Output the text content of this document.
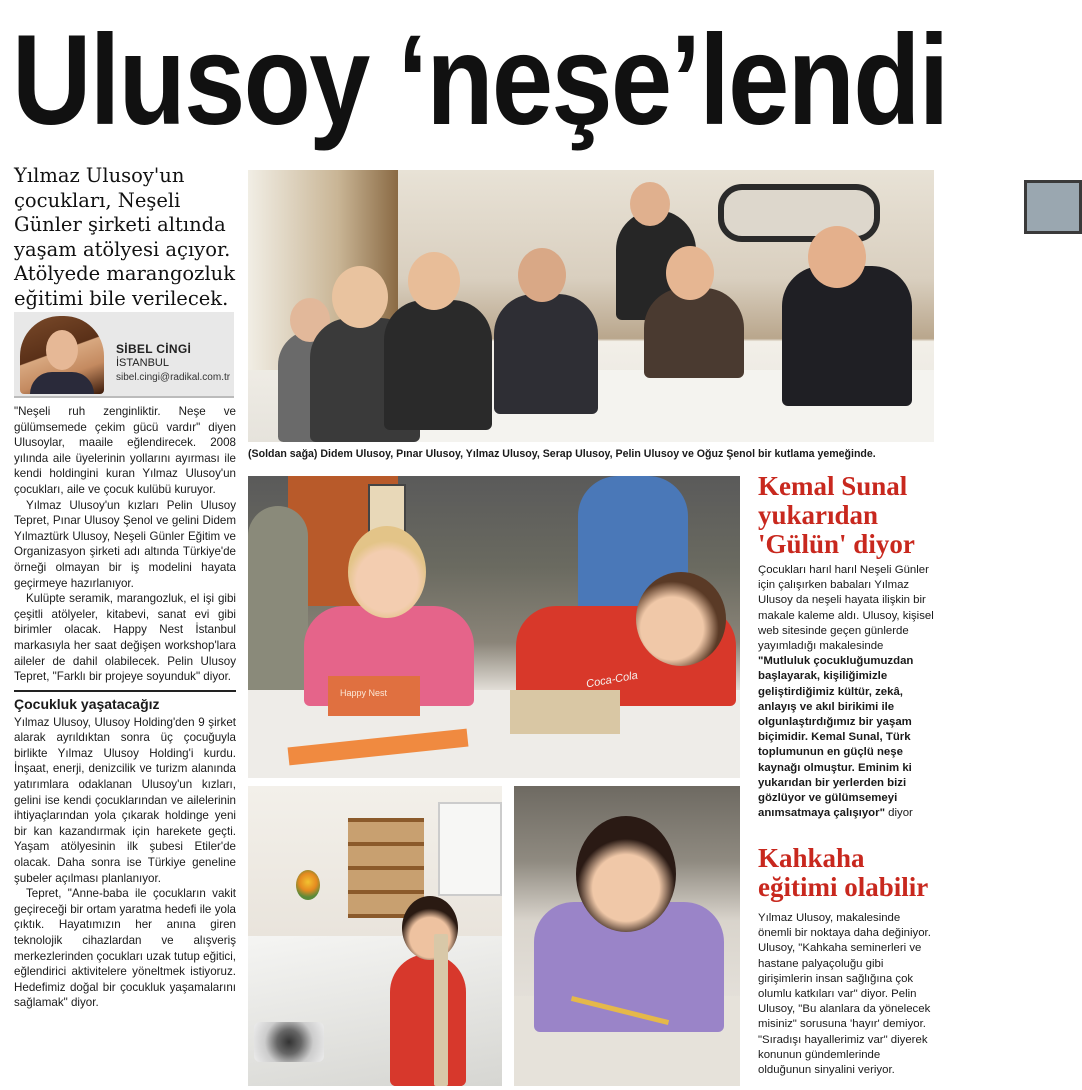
Ulusoy ‘neşe’lendi

Yılmaz Ulusoy'un çocukları, Neşeli Günler şirketi altında yaşam atölyesi açıyor. Atölyede marangozluk eğitimi bile verilecek.

SİBEL CİNGİ
İSTANBUL
sibel.cingi@radikal.com.tr

"Neşeli ruh zenginliktir. Neşe ve gülümsemede çekim gücü vardır" diyen Ulusoylar, maaile eğlendirecek. 2008 yılında aile üyelerinin yollarını ayırması ile kendi holdingini kuran Yılmaz Ulusoy'un çocukları, aile ve çocuk kulübü kuruyor.

Yılmaz Ulusoy'un kızları Pelin Ulusoy Tepret, Pınar Ulusoy Şenol ve gelini Didem Yılmaztürk Ulusoy, Neşeli Günler Eğitim ve Organizasyon şirketi adı altında Türkiye'de örneği olmayan bir iş modelini hayata geçirmeye hazırlanıyor.

Kulüpte seramik, marangozluk, el işi gibi çeşitli atölyeler, kitabevi, sanat evi gibi birimler olacak. Happy Nest İstanbul markasıyla her saat değişen workshop'lara aileler de dahil olabilecek. Pelin Ulusoy Tepret, "Farklı bir projeye soyunduk" diyor.

Çocukluk yaşatacağız

Yılmaz Ulusoy, Ulusoy Holding'den 9 şirket alarak ayrıldıktan sonra üç çocuğuyla birlikte Yılmaz Ulusoy Holding'i kurdu. İnşaat, enerji, denizcilik ve turizm alanında yatırımlara odaklanan Ulusoy'un kızları, gelini ise kendi çocuklarından ve ailelerinin ihtiyaçlarından yola çıkarak holdinge yeni bir kan kazandırmak için harekete geçti. Yaşam atölyesinin ilk şubesi Etiler'de olacak. Daha sonra ise Türkiye geneline şubeler açılması planlanıyor.

Tepret, "Anne-baba ile çocukların vakit geçireceği bir ortam yaratma hedefi ile yola çıktık. Hayatımızın her anına giren teknolojik cihazlardan ve alışveriş merkezlerinden çocukları uzak tutup eğitici, eğlendirici aktivitelere yöneltmek istiyoruz. Hedefimiz doğal bir çocukluk yaşamalarını sağlamak" diyor.

(Soldan sağa) Didem Ulusoy, Pınar Ulusoy, Yılmaz Ulusoy, Serap Ulusoy, Pelin Ulusoy ve Oğuz Şenol bir kutlama yemeğinde.

Happy Nest
Coca-Cola
Kemal Sunal yukarıdan 'Gülün' diyor

Çocukları harıl harıl Neşeli Günler için çalışırken babaları Yılmaz Ulusoy da neşeli hayata ilişkin bir makale kaleme aldı. Ulusoy, kişisel web sitesinde geçen günlerde yayımladığı makalesinde "Mutluluk çocukluğumuzdan başlayarak, kişiliğimizle geliştirdiğimiz kültür, zekâ, anlayış ve akıl birikimi ile olgunlaştırdığımız bir yaşam biçimidir. Kemal Sunal, Türk toplumunun en güçlü neşe kaynağı olmuştur. Eminim ki yukarıdan bir yerlerden bizi gözlüyor ve gülümsemeyi anımsatmaya çalışıyor" diyor

Kahkaha eğitimi olabilir

Yılmaz Ulusoy, makalesinde önemli bir noktaya daha değiniyor. Ulusoy, "Kahkaha seminerleri ve hastane palyaçoluğu gibi girişimlerin insan sağlığına çok olumlu katkıları var" diyor. Pelin Ulusoy, "Bu alanlara da yönelecek misiniz" sorusuna 'hayır' demiyor. "Sıradışı hayallerimiz var" diyerek konunun gündemlerinde olduğunun sinyalini veriyor.
